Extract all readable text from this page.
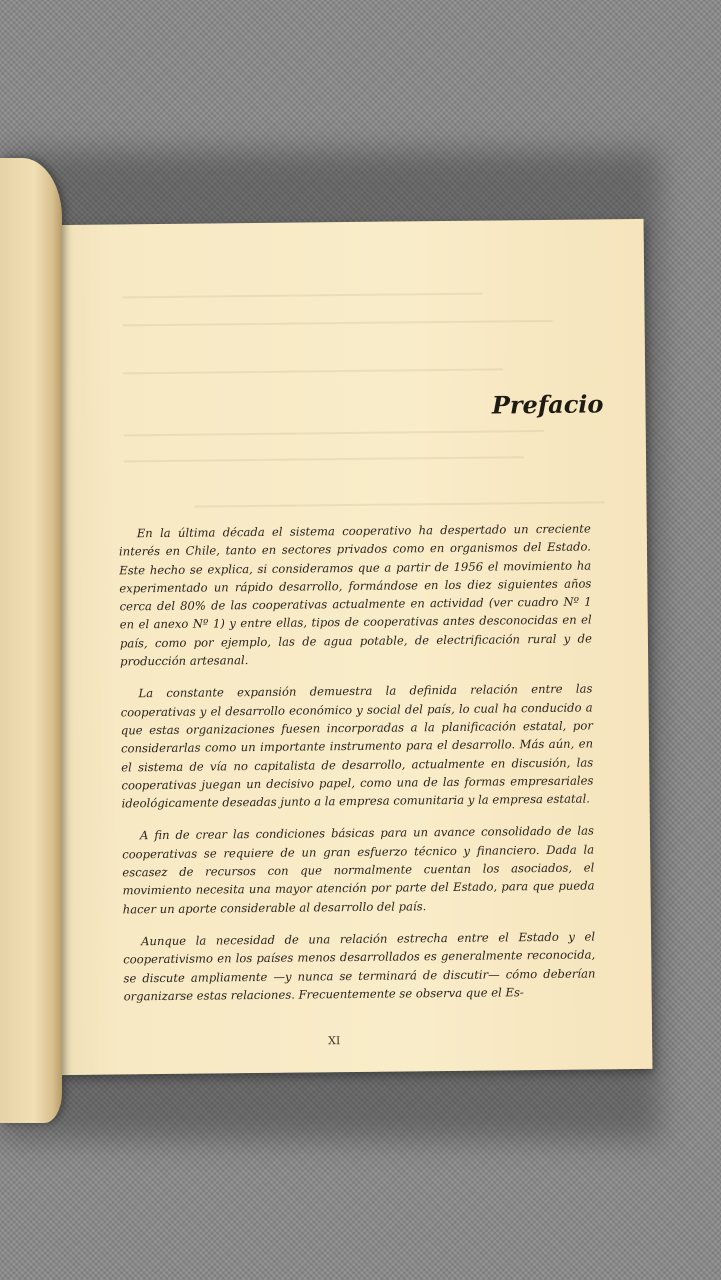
Prefacio

En la última década el sistema cooperativo ha despertado un creciente interés en Chile, tanto en sectores privados como en organismos del Estado. Este hecho se explica, si consideramos que a partir de 1956 el movimiento ha experimentado un rápido desarrollo, formándose en los diez siguientes años cerca del 80% de las cooperativas actualmente en actividad (ver cuadro Nº 1 en el anexo Nº 1) y entre ellas, tipos de cooperativas antes desconocidas en el país, como por ejemplo, las de agua potable, de electrificación rural y de producción artesanal.

La constante expansión demuestra la definida relación entre las cooperativas y el desarrollo económico y social del país, lo cual ha conducido a que estas organizaciones fuesen incorporadas a la planificación estatal, por considerarlas como un importante instrumento para el desarrollo. Más aún, en el sistema de vía no capitalista de desarrollo, actualmente en discusión, las cooperativas juegan un decisivo papel, como una de las formas empresariales ideológicamente deseadas junto a la empresa comunitaria y la empresa estatal.

A fin de crear las condiciones básicas para un avance consolidado de las cooperativas se requiere de un gran esfuerzo técnico y financiero. Dada la escasez de recursos con que normalmente cuentan los asociados, el movimiento necesita una mayor atención por parte del Estado, para que pueda hacer un aporte considerable al desarrollo del país.

Aunque la necesidad de una relación estrecha entre el Estado y el cooperativismo en los países menos desarrollados es generalmente reconocida, se discute ampliamente —y nunca se terminará de discutir— cómo deberían organizarse estas relaciones. Frecuentemente se observa que el Es-

XI
